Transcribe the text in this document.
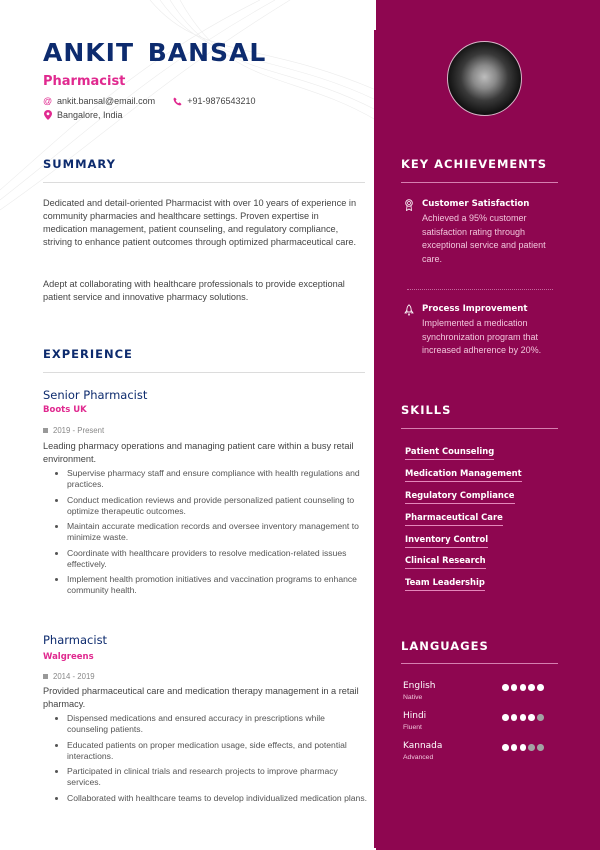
ANKIT BANSAL
Pharmacist
@ ankit.bansal@email.com	+91-9876543210
Bangalore, India
SUMMARY
Dedicated and detail-oriented Pharmacist with over 10 years of experience in community pharmacies and healthcare settings. Proven expertise in medication management, patient counseling, and regulatory compliance, striving to enhance patient outcomes through optimized pharmaceutical care.
Adept at collaborating with healthcare professionals to provide exceptional patient service and innovative pharmacy solutions.
EXPERIENCE
Senior Pharmacist
Boots UK
2019 - Present
Leading pharmacy operations and managing patient care within a busy retail environment.
Supervise pharmacy staff and ensure compliance with health regulations and practices.
Conduct medication reviews and provide personalized patient counseling to optimize therapeutic outcomes.
Maintain accurate medication records and oversee inventory management to minimize waste.
Coordinate with healthcare providers to resolve medication-related issues effectively.
Implement health promotion initiatives and vaccination programs to enhance community health.
Pharmacist
Walgreens
2014 - 2019
Provided pharmaceutical care and medication therapy management in a retail pharmacy.
Dispensed medications and ensured accuracy in prescriptions while counseling patients.
Educated patients on proper medication usage, side effects, and potential interactions.
Participated in clinical trials and research projects to improve pharmacy services.
Collaborated with healthcare teams to develop individualized medication plans.
KEY ACHIEVEMENTS
Customer Satisfaction
Achieved a 95% customer satisfaction rating through exceptional service and patient care.
Process Improvement
Implemented a medication synchronization program that increased adherence by 20%.
SKILLS
Patient Counseling
Medication Management
Regulatory Compliance
Pharmaceutical Care
Inventory Control
Clinical Research
Team Leadership
LANGUAGES
English
Native
Hindi
Fluent
Kannada
Advanced
